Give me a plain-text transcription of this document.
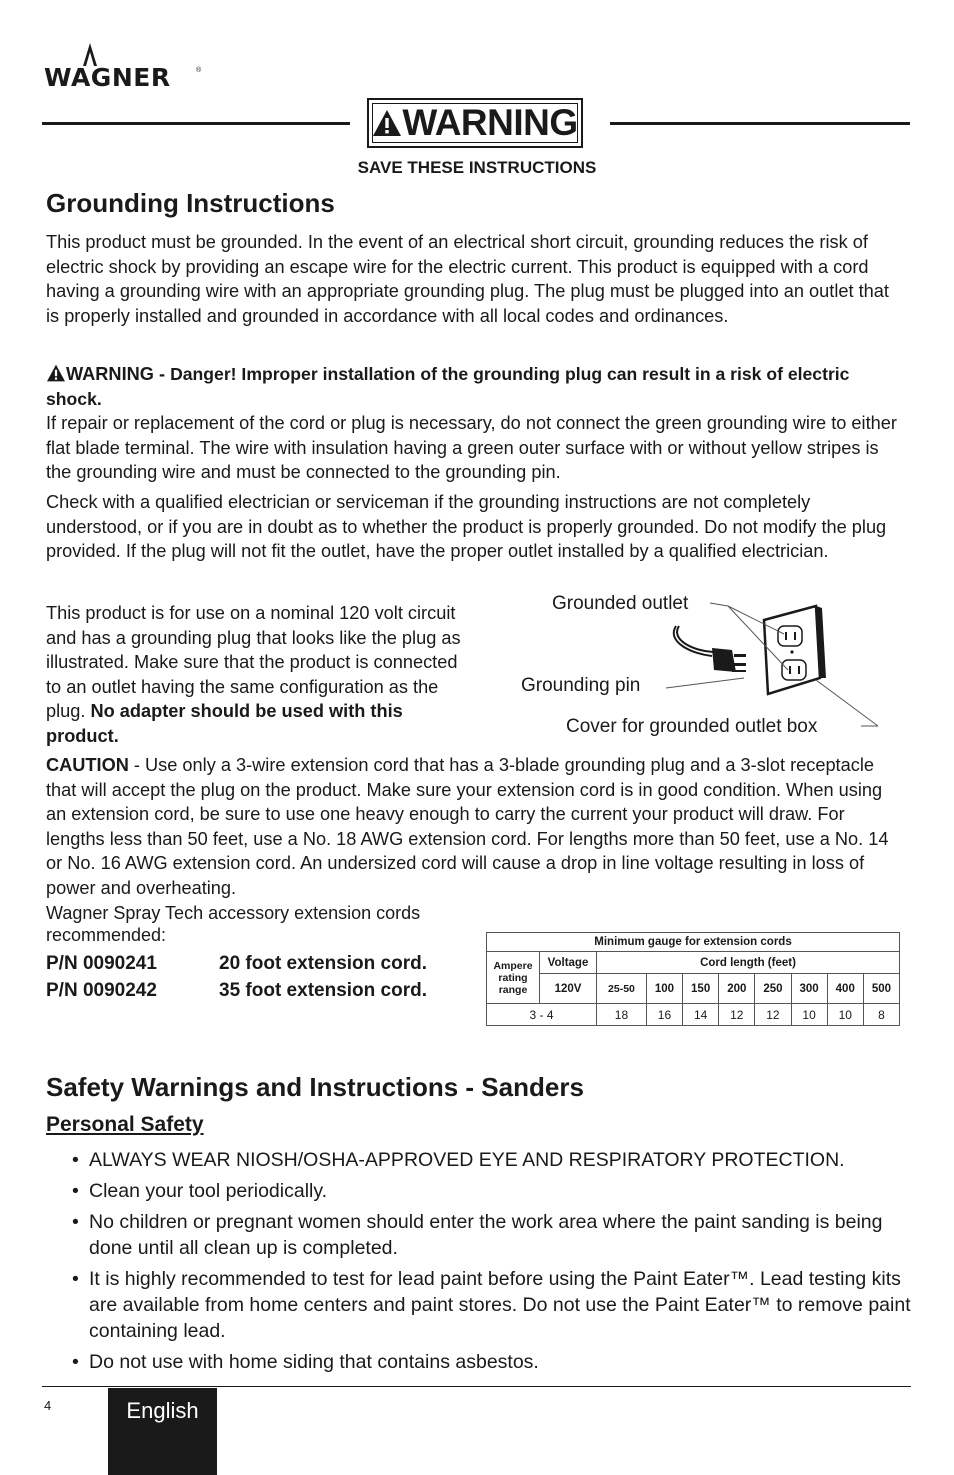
WAGNER	®
WARNING
SAVE THESE INSTRUCTIONS
Grounding Instructions

This product must be grounded. In the event of an electrical short circuit, grounding reduces the risk of electric shock by providing an escape wire for the electric current. This product is equipped with a cord having a grounding wire with an appropriate grounding plug. The plug must be plugged into an outlet that is properly installed and grounded in accordance with all local codes and ordinances.

WARNING - Danger! Improper installation of the grounding plug can result in a risk of electric shock.

If repair or replacement of the cord or plug is necessary, do not connect the green grounding wire to either flat blade terminal. The wire with insulation having a green outer surface with or without yellow stripes is the grounding wire and must be connected to the grounding pin.

Check with a qualified electrician or serviceman if the grounding instructions are not completely understood, or if you are in doubt as to whether the product is properly grounded. Do not modify the plug provided. If the plug will not fit the outlet, have the proper outlet installed by a qualified electrician.

This product is for use on a nominal 120 volt circuit and has a grounding plug that looks like the plug as illustrated. Make sure that the product is connected to an outlet having the same configuration as the plug. No adapter should be used with this product.

Grounded outlet
Grounding pin
Cover for grounded outlet box

CAUTION - Use only a 3-wire extension cord that has a 3-blade grounding plug and a 3-slot receptacle that will accept the plug on the product. Make sure your extension cord is in good condition. When using an extension cord, be sure to use one heavy enough to carry the current your product will draw. For lengths less than 50 feet, use a No. 18 AWG extension cord. For lengths more than 50 feet, use a No. 14 or No. 16 AWG extension cord. An undersized cord will cause a drop in line voltage resulting in loss of power and overheating.

Wagner Spray Tech accessory extension cords recommended:

P/N 0090241	20 foot extension cord.
P/N 0090242	35 foot extension cord.
Minimum gauge for extension cords									
Ampere rating range	Voltage	Cord length (feet)							
	120V	25-50	100	150	200	250	300	400	500
3 - 4		18	16	14	12	12	10	10	8
Safety Warnings and Instructions - Sanders
Personal Safety
• ALWAYS WEAR NIOSH/OSHA-APPROVED EYE AND RESPIRATORY PROTECTION.
• Clean your tool periodically.
• No children or pregnant women should enter the work area where the paint sanding is being done until all clean up is completed.
• It is highly recommended to test for lead paint before using the Paint Eater™. Lead testing kits are available from home centers and paint stores. Do not use the Paint Eater™ to remove paint containing lead.
• Do not use with home siding that contains asbestos.
4	English
